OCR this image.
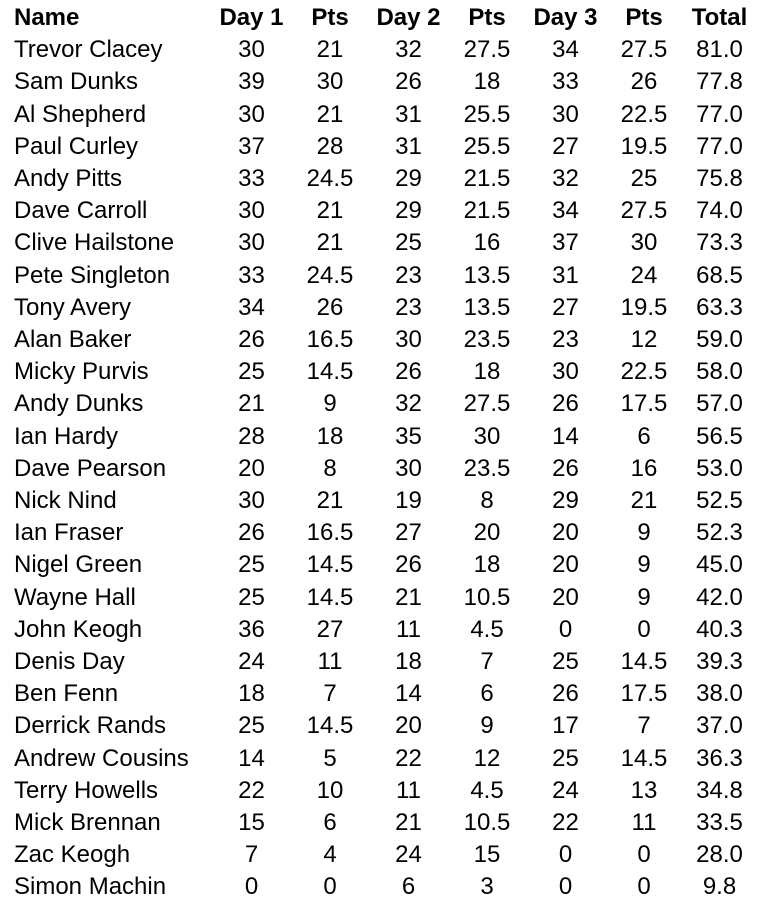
Name	Day 1	Pts	Day 2	Pts	Day 3	Pts	Total
Trevor Clacey	30	21	32	27.5	34	27.5	81.0
Sam Dunks	39	30	26	18	33	26	77.8
Al Shepherd	30	21	31	25.5	30	22.5	77.0
Paul Curley	37	28	31	25.5	27	19.5	77.0
Andy Pitts	33	24.5	29	21.5	32	25	75.8
Dave Carroll	30	21	29	21.5	34	27.5	74.0
Clive Hailstone	30	21	25	16	37	30	73.3
Pete Singleton	33	24.5	23	13.5	31	24	68.5
Tony Avery	34	26	23	13.5	27	19.5	63.3
Alan Baker	26	16.5	30	23.5	23	12	59.0
Micky Purvis	25	14.5	26	18	30	22.5	58.0
Andy Dunks	21	9	32	27.5	26	17.5	57.0
Ian Hardy	28	18	35	30	14	6	56.5
Dave Pearson	20	8	30	23.5	26	16	53.0
Nick Nind	30	21	19	8	29	21	52.5
Ian Fraser	26	16.5	27	20	20	9	52.3
Nigel Green	25	14.5	26	18	20	9	45.0
Wayne Hall	25	14.5	21	10.5	20	9	42.0
John Keogh	36	27	11	4.5	0	0	40.3
Denis Day	24	11	18	7	25	14.5	39.3
Ben Fenn	18	7	14	6	26	17.5	38.0
Derrick Rands	25	14.5	20	9	17	7	37.0
Andrew Cousins	14	5	22	12	25	14.5	36.3
Terry Howells	22	10	11	4.5	24	13	34.8
Mick Brennan	15	6	21	10.5	22	11	33.5
Zac Keogh	7	4	24	15	0	0	28.0
Simon Machin	0	0	6	3	0	0	9.8
